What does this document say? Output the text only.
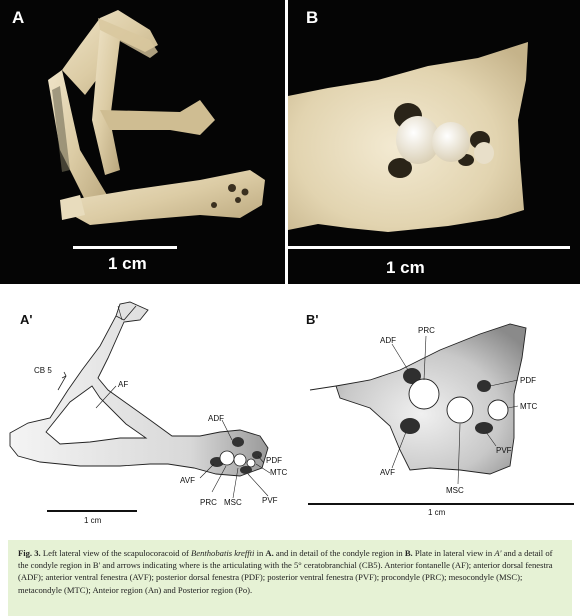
A
1 cm
B
1 cm
A'
CB 5
AF
ADF
PDF
MTC
AVF
PRC MSC	PVF
1 cm
B'
ADF
PRC
PDF
MTC
PVF
AVF
MSC
1 cm
Fig. 3. Left lateral view of the scapulocoracoid of Benthobatis kreffti in A. and in detail of the condyle region in B. Plate in lateral view in A' and a detail of the condyle region in B' and arrows indicating where is the articulating with the 5° ceratobranchial (CB5). Anterior fontanelle (AF); anterior dorsal fenestra (ADF); anterior ventral fenestra (AVF); posterior dorsal fenestra (PDF); posterior ventral fenestra (PVF); procondyle (PRC); mesocondyle (MSC); metacondyle (MTC); Anteior region (An) and Posterior region (Po).
